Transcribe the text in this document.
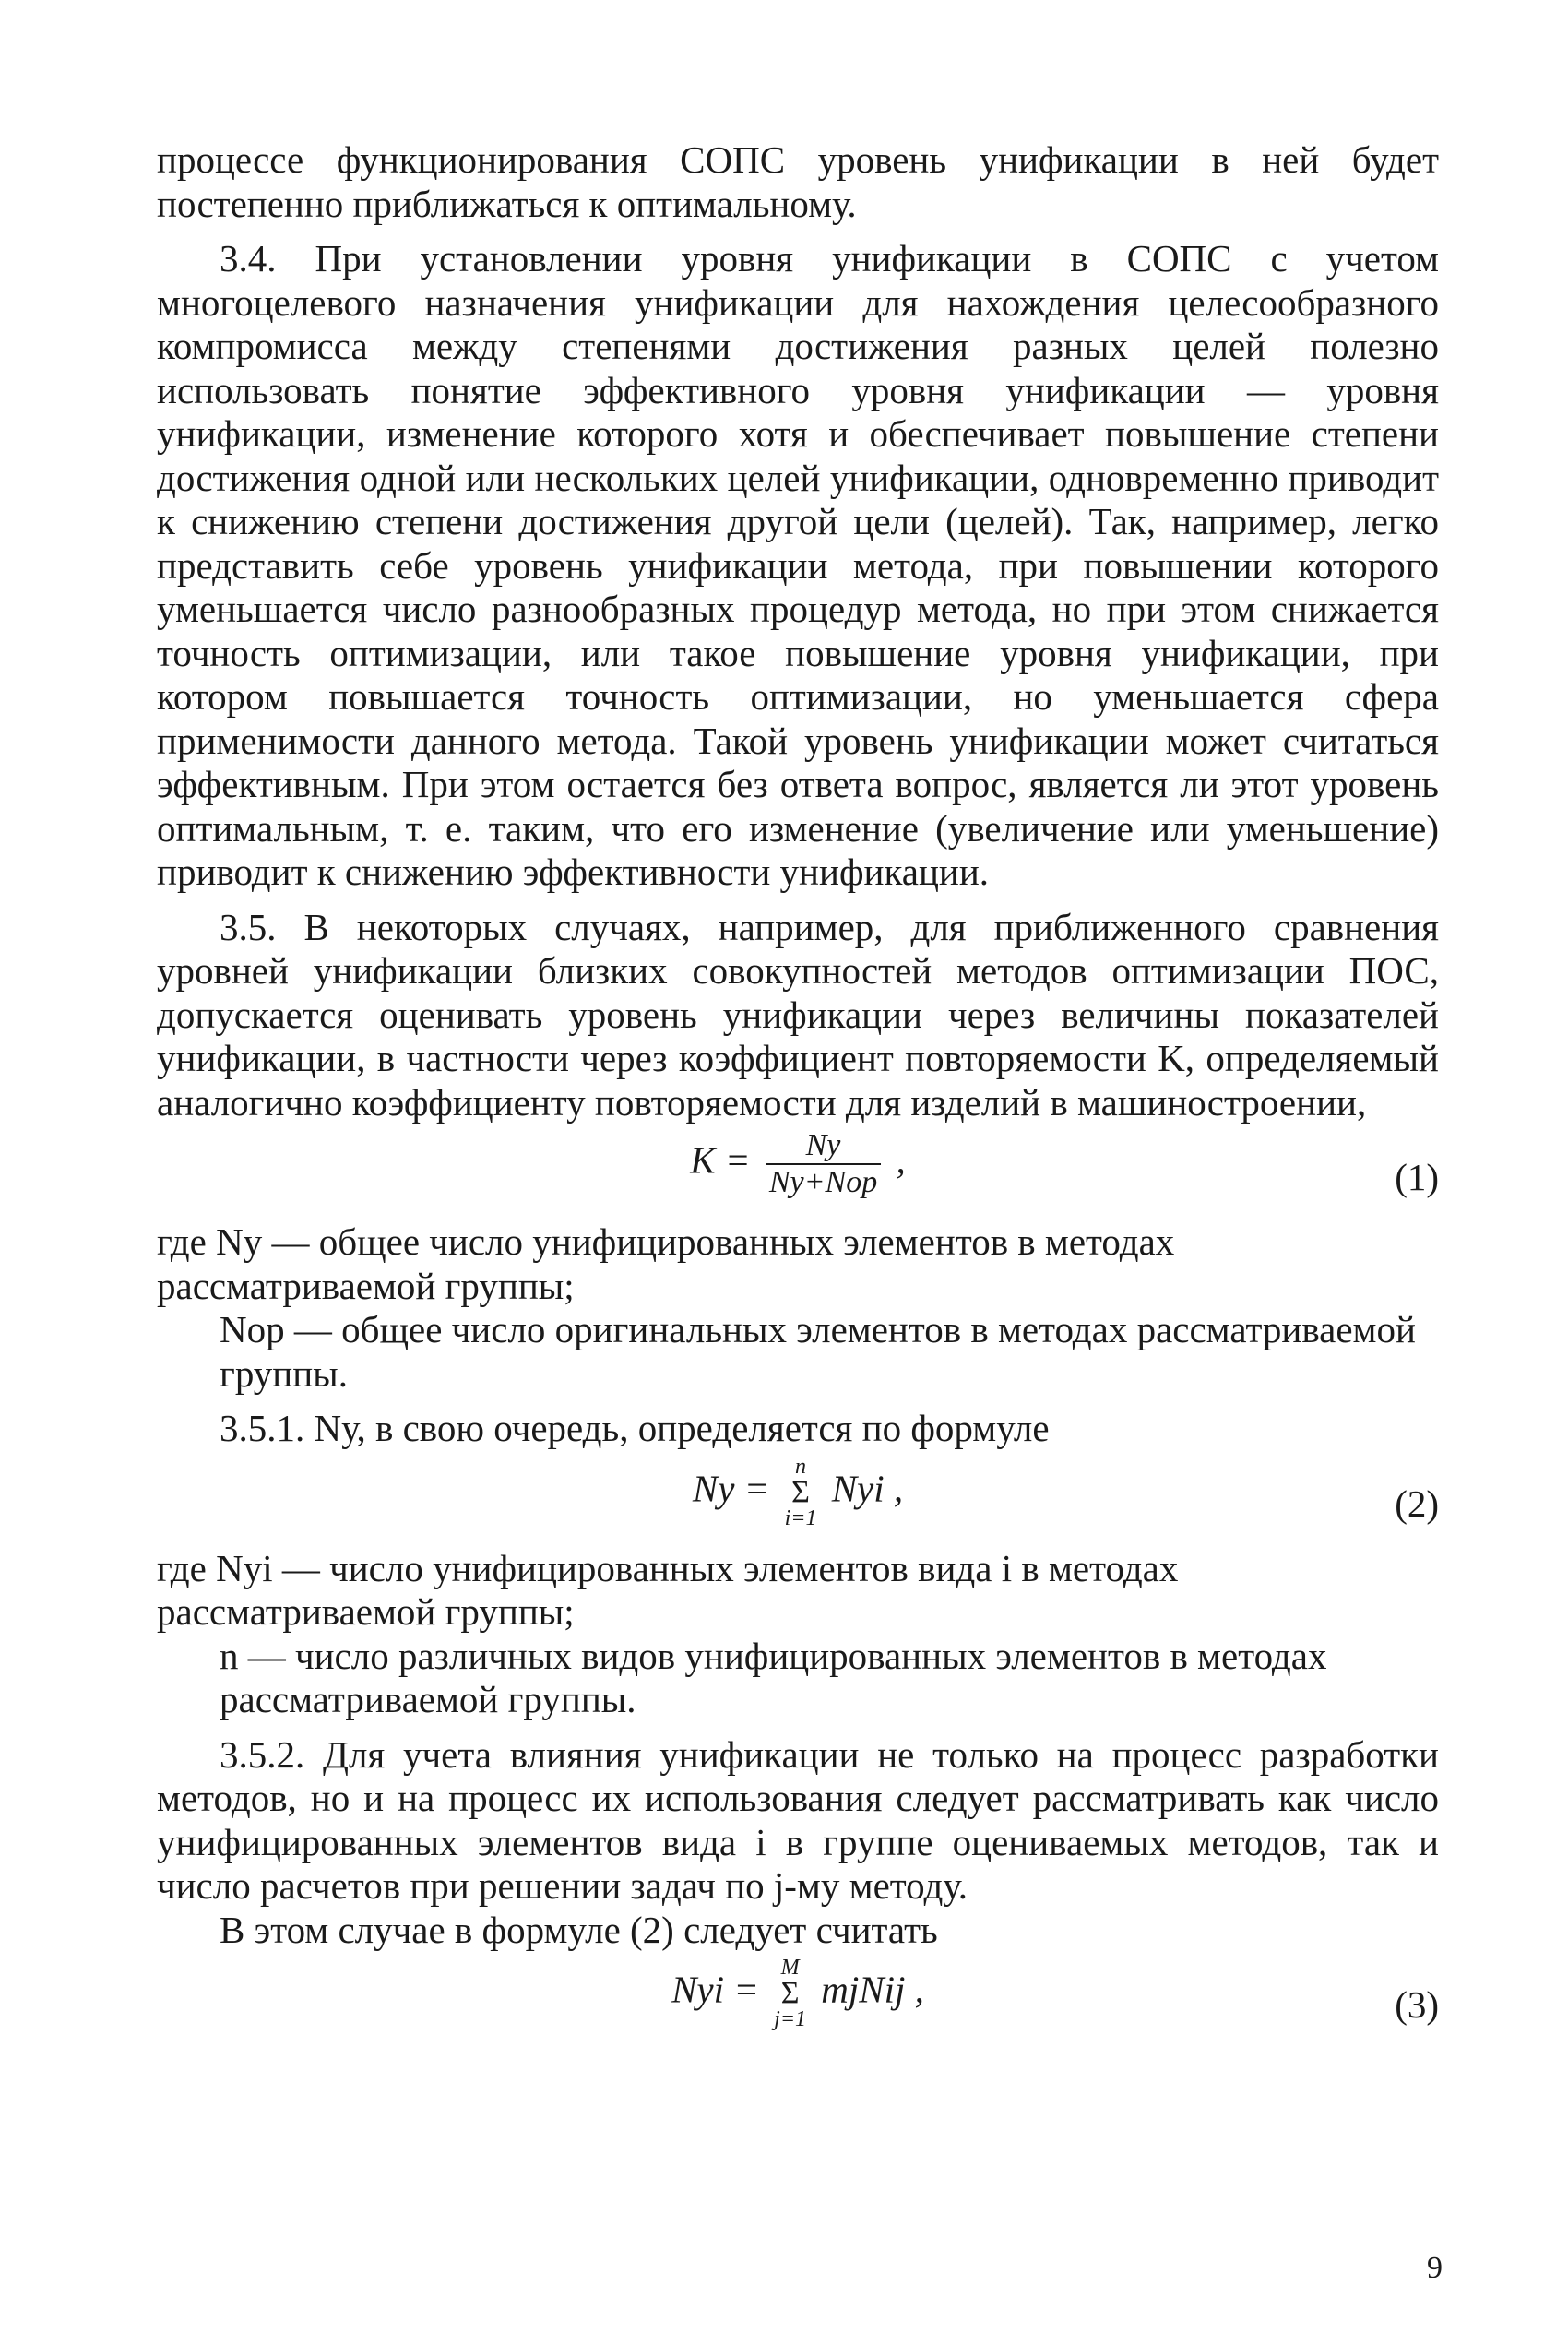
процессе функционирования СОПС уровень унификации в ней будет постепенно приближаться к оптимальному.

3.4. При установлении уровня унификации в СОПС с учетом многоцелевого назначения унификации для нахождения целесообразного компромисса между степенями достижения разных целей полезно использовать понятие эффективного уровня унификации — уровня унификации, изменение которого хотя и обеспечивает повышение степени достижения одной или нескольких целей унификации, одновременно приводит к снижению степени достижения другой цели (целей). Так, например, легко представить себе уровень унификации метода, при повышении которого уменьшается число разнообразных процедур метода, но при этом снижается точность оптимизации, или такое повышение уровня унификации, при котором повышается точность оптимизации, но уменьшается сфера применимости данного метода. Такой уровень унификации может считаться эффективным. При этом остается без ответа вопрос, является ли этот уровень оптимальным, т. е. таким, что его изменение (увеличение или уменьшение) приводит к снижению эффективности унификации.

3.5. В некоторых случаях, например, для приближенного сравнения уровней унификации близких совокупностей методов оптимизации ПОС, допускается оценивать уровень унификации через величины показателей унификации, в частности через коэффициент повторяемости K, определяемый аналогично коэффициенту повторяемости для изделий в машиностроении,

$K = \frac{Nу}{\text{Nу+Nор}}$ ,	(1)
где Nу — общее число унифицированных элементов в методах рассматриваемой группы;
Nор — общее число оригинальных элементов в методах рассматриваемой группы.

3.5.1. Nу, в свою очередь, определяется по формуле

Nу =
n
Σ
i=1
Nуi ,	(2)
где Nуi — число унифицированных элементов вида i в методах рассматриваемой группы;
n — число различных видов унифицированных элементов в методах рассматриваемой группы.

3.5.2. Для учета влияния унификации не только на процесс разработки методов, но и на процесс их использования следует рассматривать как число унифицированных элементов вида i в группе оцениваемых методов, так и число расчетов при решении задач по j-му методу.

В этом случае в формуле (2) следует считать

Nуi =
M
Σ
j=1
mjNij ,	(3)
9
